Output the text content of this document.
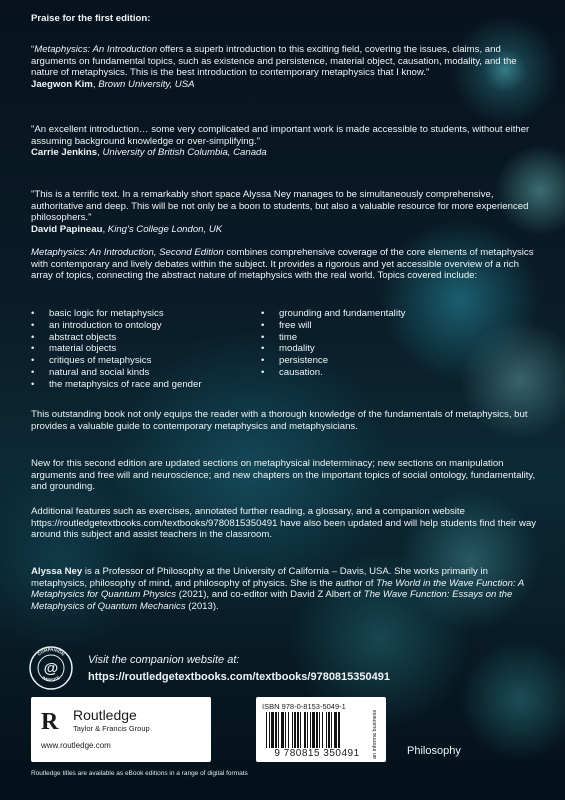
Praise for the first edition:

“Metaphysics: An Introduction offers a superb introduction to this exciting field, covering the issues, claims, and arguments on fundamental topics, such as existence and persistence, material object, causation, modality, and the nature of metaphysics. This is the best introduction to contemporary metaphysics that I know."

Jaegwon Kim, Brown University, USA

"An excellent introduction… some very complicated and important work is made accessible to students, without either assuming background knowledge or over-simplifying."

Carrie Jenkins, University of British Columbia, Canada

"This is a terrific text. In a remarkably short space Alyssa Ney manages to be simultaneously comprehensive, authoritative and deep. This will be not only be a boon to students, but also a valuable resource for more experienced philosophers."

David Papineau, King's College London, UK

Metaphysics: An Introduction, Second Edition combines comprehensive coverage of the core elements of metaphysics with contemporary and lively debates within the subject. It provides a rigorous and yet accessible overview of a rich array of topics, connecting the abstract nature of metaphysics with the real world. Topics covered include:

• basic logic for metaphysics
• an introduction to ontology
• abstract objects
• material objects
• critiques of metaphysics
• natural and social kinds
• the metaphysics of race and gender
• grounding and fundamentality
• free will
• time
• modality
• persistence
• causation.
This outstanding book not only equips the reader with a thorough knowledge of the fundamentals of metaphysics, but provides a valuable guide to contemporary metaphysics and metaphysicians.
New for this second edition are updated sections on metaphysical indeterminacy; new sections on manipulation arguments and free will and neuroscience; and new chapters on the important topics of social ontology, fundamentality, and grounding.
Additional features such as exercises, annotated further reading, a glossary, and a companion website https://routledgetextbooks.com/textbooks/9780815350491 have also been updated and will help students find their way around this subject and assist teachers in the classroom.

Alyssa Ney is a Professor of Philosophy at the University of California – Davis, USA. She works primarily in metaphysics, philosophy of mind, and philosophy of physics. She is the author of The World in the Wave Function: A Metaphysics for Quantum Physics (2021), and co-editor with David Z Albert of The Wave Function: Essays on the Metaphysics of Quantum Mechanics (2013).

@
COMPANION
WEBSITE
Visit the companion website at:
https://routledgetextbooks.com/textbooks/9780815350491
R Routledge
Taylor & Francis Group
www.routledge.com
ISBN 978-0-8153-5049-1
9 780815 350491	an informa business	Philosophy
Routledge titles are available as eBook editions in a range of digital formats
